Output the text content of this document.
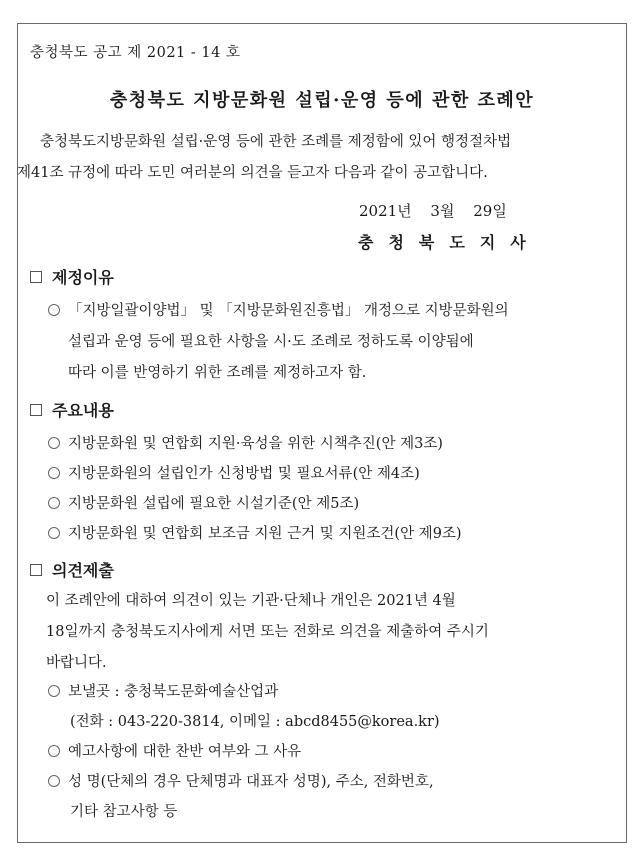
충청북도 공고 제 2021 - 14 호
충청북도 지방문화원 설립·운영 등에 관한 조례안
충청북도지방문화원 설립·운영 등에 관한 조례를 제정함에 있어 행정절차법
제41조 규정에 따라 도민 여러분의 의견을 듣고자 다음과 같이 공고합니다.
2021년 3월 29일
충청북도지사
제정이유
「지방일괄이양법」 및 「지방문화원진흥법」 개정으로 지방문화원의
설립과 운영 등에 필요한 사항을 시·도 조례로 정하도록 이양됨에
따라 이를 반영하기 위한 조례를 제정하고자 함.
주요내용
지방문화원 및 연합회 지원·육성을 위한 시책추진(안 제3조)
지방문화원의 설립인가 신청방법 및 필요서류(안 제4조)
지방문화원 설립에 필요한 시설기준(안 제5조)
지방문화원 및 연합회 보조금 지원 근거 및 지원조건(안 제9조)
의견제출
이 조례안에 대하여 의견이 있는 기관·단체나 개인은 2021년 4월
18일까지 충청북도지사에게 서면 또는 전화로 의견을 제출하여 주시기
바랍니다.
보낼곳 : 충청북도문화예술산업과
(전화 : 043-220-3814, 이메일 : abcd8455@korea.kr)
예고사항에 대한 찬반 여부와 그 사유
성 명(단체의 경우 단체명과 대표자 성명), 주소, 전화번호,
기타 참고사항 등
